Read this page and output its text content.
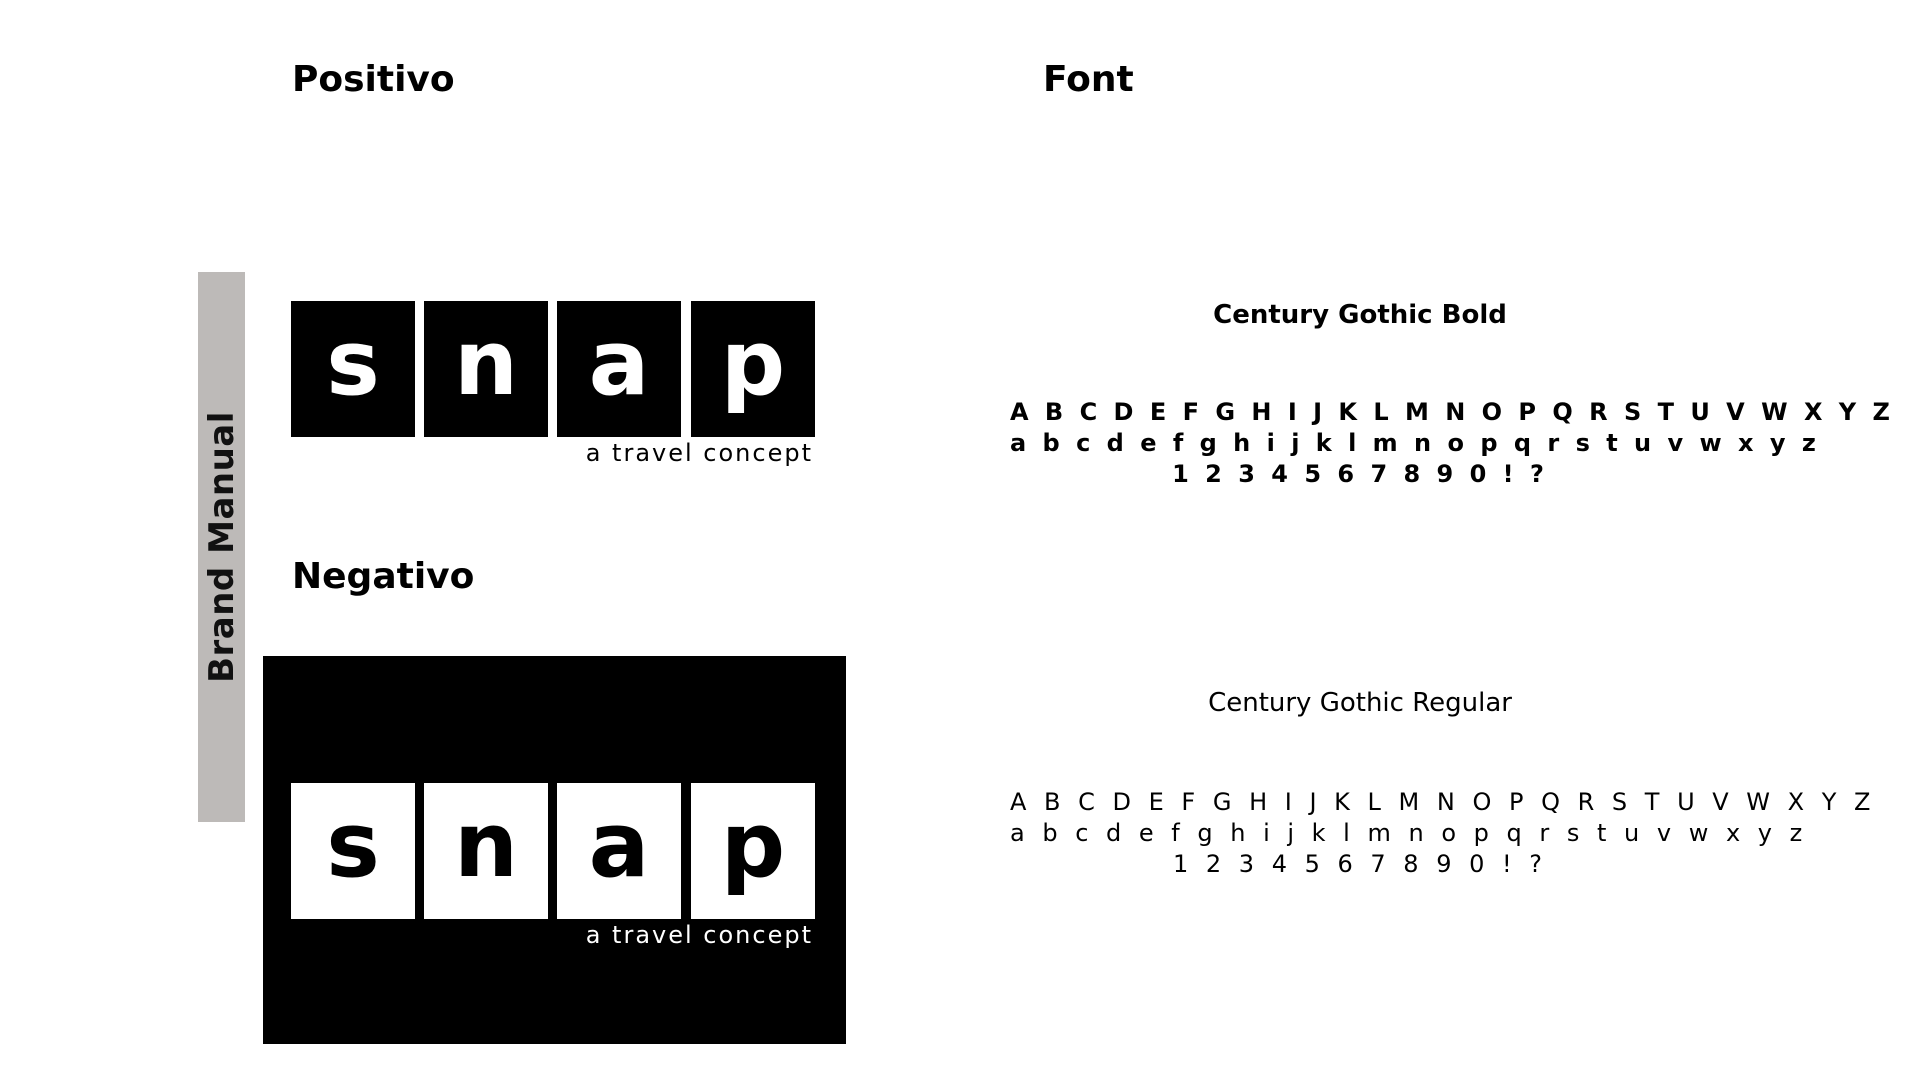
Brand Manual
Positivo	Font
Negativo
s n a p
a travel concept
s n a p
a travel concept
Century Gothic Bold
A B C D E F G H I J K L M N O P Q R S T U V W X Y Z
a b c d e f g h i j k l m n o p q r s t u v w x y z
1 2 3 4 5 6 7 8 9 0 ! ?
Century Gothic Regular
A B C D E F G H I J K L M N O P Q R S T U V W X Y Z
a b c d e f g h i j k l m n o p q r s t u v w x y z
1 2 3 4 5 6 7 8 9 0 ! ?
